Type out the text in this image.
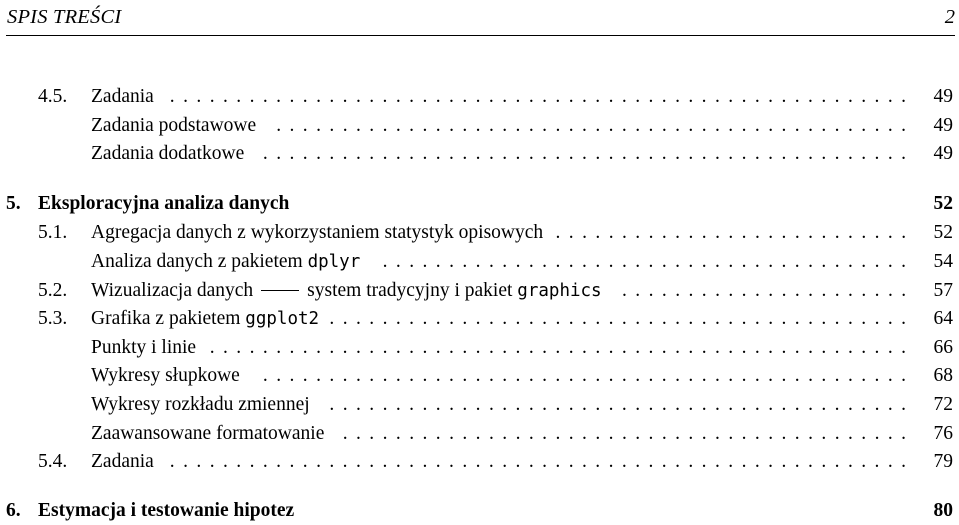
SPIS TREŚCI	2
4.5. Zadania . . . . . . . . . . . . . . . . . . . . . . . . . . . . . . . . . . . . . . . . . . . . . . . . . . . . . . . . 49
Zadania podstawowe . . . . . . . . . . . . . . . . . . . . . . . . . . . . . . . . . . . . . . . . . . . . . . . . 49
Zadania dodatkowe . . . . . . . . . . . . . . . . . . . . . . . . . . . . . . . . . . . . . . . . . . . . . . . . . 49
5. Eksploracyjna analiza danych	52
5.1. Agregacja danych z wykorzystaniem statystyk opisowych . . . . . . . . . . . . . . . . . . . . . . . . . . . 52
Analiza danych z pakietem dplyr . . . . . . . . . . . . . . . . . . . . . . . . . . . . . . . . . . . . . . . . 54
5.2. Wizualizacja danych	system tradycyjny i pakiet graphics . . . . . . . . . . . . . . . . . . . . . . 57
5.3. Grafika z pakietem ggplot2 . . . . . . . . . . . . . . . . . . . . . . . . . . . . . . . . . . . . . . . . . . . . 64
Punkty i linie . . . . . . . . . . . . . . . . . . . . . . . . . . . . . . . . . . . . . . . . . . . . . . . . . . . . . 66
Wykresy słupkowe . . . . . . . . . . . . . . . . . . . . . . . . . . . . . . . . . . . . . . . . . . . . . . . . . 68
Wykresy rozkładu zmiennej . . . . . . . . . . . . . . . . . . . . . . . . . . . . . . . . . . . . . . . . . . . . 72
Zaawansowane formatowanie . . . . . . . . . . . . . . . . . . . . . . . . . . . . . . . . . . . . . . . . . . . 76
5.4. Zadania . . . . . . . . . . . . . . . . . . . . . . . . . . . . . . . . . . . . . . . . . . . . . . . . . . . . . . . . 79
6. Estymacja i testowanie hipotez	80
